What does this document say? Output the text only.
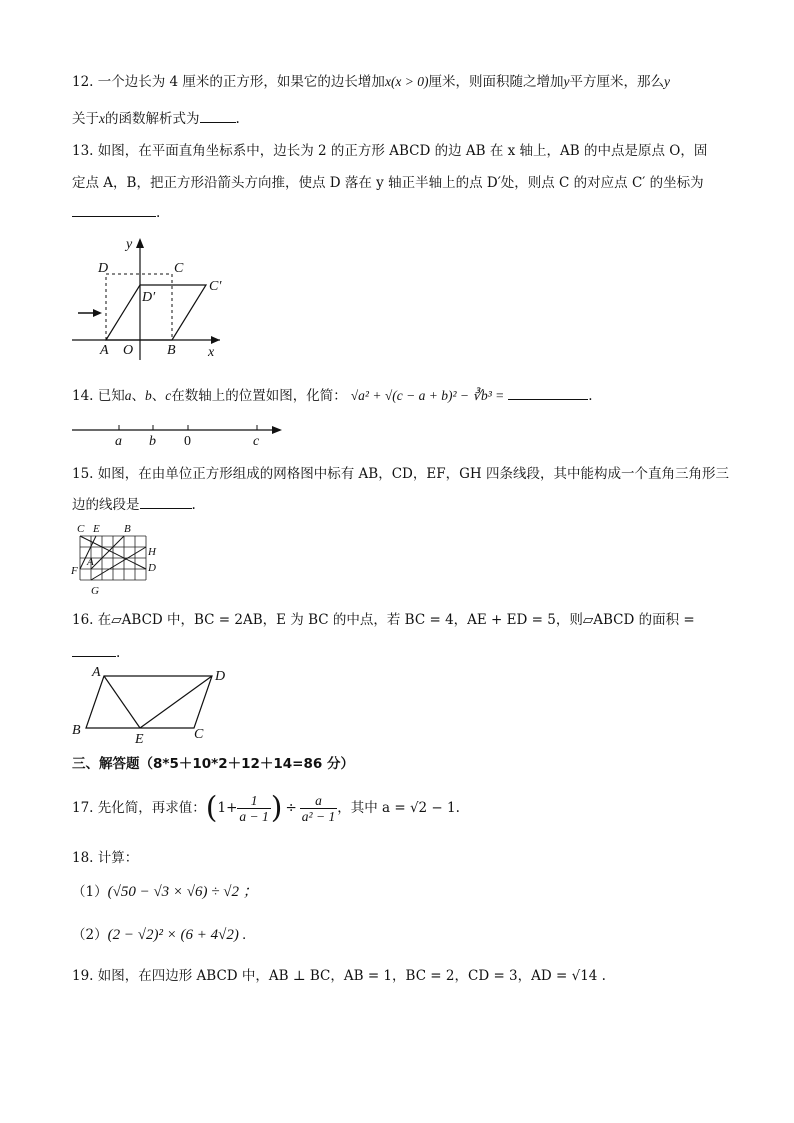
12. 一个边长为 4 厘米的正方形，如果它的边长增加x(x > 0)厘米，则面积随之增加y平方厘米，那么y
关于x的函数解析式为	.
13. 如图，在平面直角坐标系中，边长为 2 的正方形 ABCD 的边 AB 在 x 轴上，AB 的中点是原点 O，固
定点 A，B，把正方形沿箭头方向推，使点 D 落在 y 轴正半轴上的点 D′处，则点 C 的对应点 C′ 的坐标为
.
D	C
C′
D′
A O B x
y
14. 已知a、b、c在数轴上的位置如图，化简： √a² + √(c − a + b)² − ∛b³ =	.
a b 0	c
15. 如图，在由单位正方形组成的网格图中标有 AB，CD，EF，GH 四条线段，其中能构成一个直角三角形三
边的线段是	.
C E B
H
D
F
A
G
16. 在▱ABCD 中，BC = 2AB，E 为 BC 的中点，若 BC = 4，AE + ED = 5，则▱ABCD 的面积 =
.
A	D
B
E	C
三、解答题（8*5＋10*2＋12＋14=86 分）
17. 先化简，再求值：($1+ \frac{1}{a - 1}$ ) ÷ $\frac{a}{\text{a² − 1}}$ ，其中 a = √2 − 1.
18. 计算：
（1）(√50 − √3 × √6) ÷ √2 ；
（2）(2 − √2)² × (6 + 4√2) .
19. 如图，在四边形 ABCD 中，AB ⊥ BC，AB = 1，BC = 2，CD = 3，AD = √14 .
